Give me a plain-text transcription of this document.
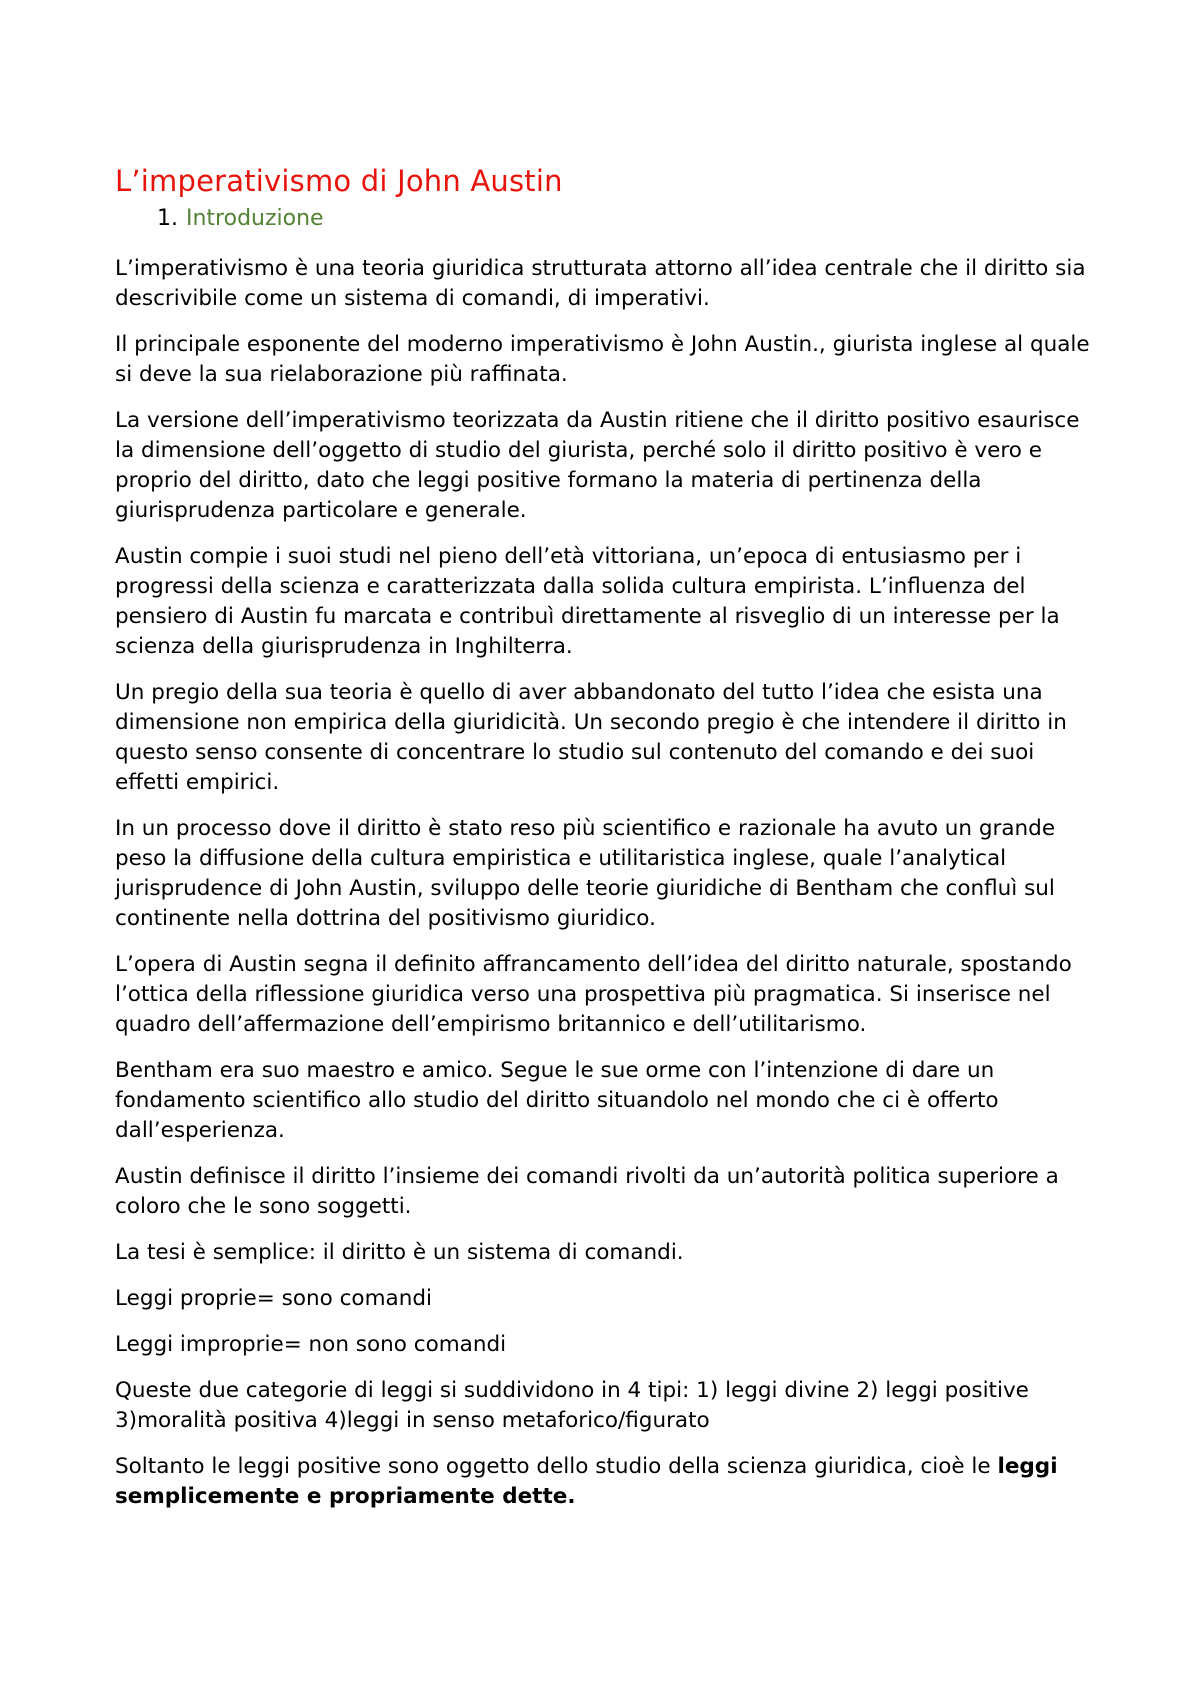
L’imperativismo di John Austin
1. Introduzione

L’imperativismo è una teoria giuridica strutturata attorno all’idea centrale che il diritto sia descrivibile come un sistema di comandi, di imperativi.

Il principale esponente del moderno imperativismo è John Austin., giurista inglese al quale si deve la sua rielaborazione più raffinata.

La versione dell’imperativismo teorizzata da Austin ritiene che il diritto positivo esaurisce la dimensione dell’oggetto di studio del giurista, perché solo il diritto positivo è vero e proprio del diritto, dato che leggi positive formano la materia di pertinenza della giurisprudenza particolare e generale.

Austin compie i suoi studi nel pieno dell’età vittoriana, un’epoca di entusiasmo per i progressi della scienza e caratterizzata dalla solida cultura empirista. L’influenza del pensiero di Austin fu marcata e contribuì direttamente al risveglio di un interesse per la scienza della giurisprudenza in Inghilterra.

Un pregio della sua teoria è quello di aver abbandonato del tutto l’idea che esista una dimensione non empirica della giuridicità. Un secondo pregio è che intendere il diritto in questo senso consente di concentrare lo studio sul contenuto del comando e dei suoi effetti empirici.

In un processo dove il diritto è stato reso più scientifico e razionale ha avuto un grande peso la diffusione della cultura empiristica e utilitaristica inglese, quale l’analytical jurisprudence di John Austin, sviluppo delle teorie giuridiche di Bentham che confluì sul continente nella dottrina del positivismo giuridico.

L’opera di Austin segna il definito affrancamento dell’idea del diritto naturale, spostando l’ottica della riflessione giuridica verso una prospettiva più pragmatica. Si inserisce nel quadro dell’affermazione dell’empirismo britannico e dell’utilitarismo.

Bentham era suo maestro e amico. Segue le sue orme con l’intenzione di dare un fondamento scientifico allo studio del diritto situandolo nel mondo che ci è offerto dall’esperienza.

Austin definisce il diritto l’insieme dei comandi rivolti da un’autorità politica superiore a coloro che le sono soggetti.

La tesi è semplice: il diritto è un sistema di comandi.

Leggi proprie= sono comandi

Leggi improprie= non sono comandi

Queste due categorie di leggi si suddividono in 4 tipi: 1) leggi divine 2) leggi positive 3)moralità positiva 4)leggi in senso metaforico/figurato

Soltanto le leggi positive sono oggetto dello studio della scienza giuridica, cioè le leggi semplicemente e propriamente dette.
